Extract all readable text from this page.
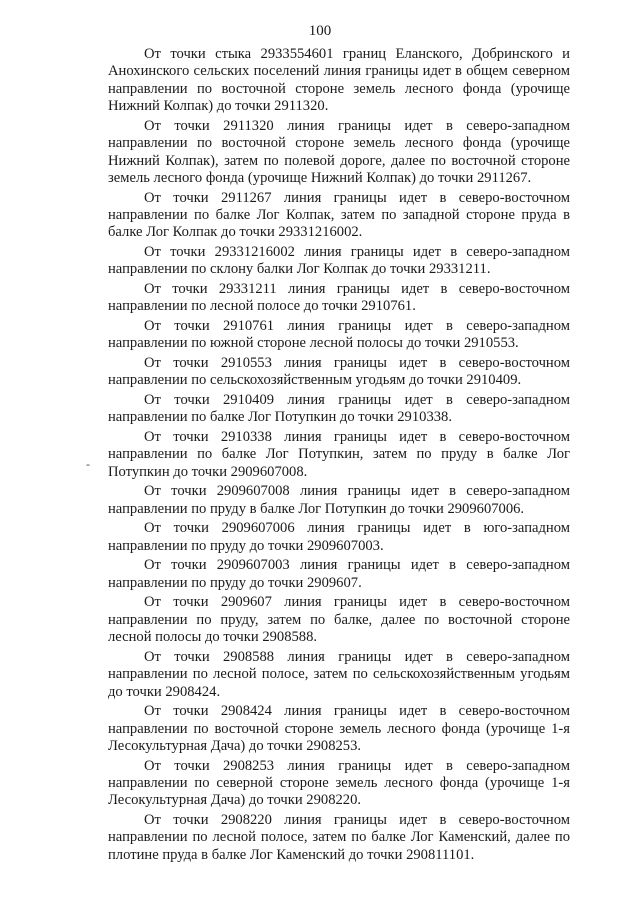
100
-

От точки стыка 2933554601 границ Еланского, Добринского и Анохинского сельских поселений линия границы идет в общем северном направлении по восточной стороне земель лесного фонда (урочище Нижний Колпак) до точки 2911320.

От точки 2911320 линия границы идет в северо-западном направлении по восточной стороне земель лесного фонда (урочище Нижний Колпак), затем по полевой дороге, далее по восточной стороне земель лесного фонда (урочище Нижний Колпак) до точки 2911267.

От точки 2911267 линия границы идет в северо-восточном направлении по балке Лог Колпак, затем по западной стороне пруда в балке Лог Колпак до точки 29331216002.

От точки 29331216002 линия границы идет в северо-западном направлении по склону балки Лог Колпак до точки 29331211.

От точки 29331211 линия границы идет в северо-восточном направлении по лесной полосе до точки 2910761.

От точки 2910761 линия границы идет в северо-западном направлении по южной стороне лесной полосы до точки 2910553.

От точки 2910553 линия границы идет в северо-восточном направлении по сельскохозяйственным угодьям до точки 2910409.

От точки 2910409 линия границы идет в северо-западном направлении по балке Лог Потупкин до точки 2910338.

От точки 2910338 линия границы идет в северо-восточном направлении по балке Лог Потупкин, затем по пруду в балке Лог Потупкин до точки 2909607008.

От точки 2909607008 линия границы идет в северо-западном направлении по пруду в балке Лог Потупкин до точки 2909607006.

От точки 2909607006 линия границы идет в юго-западном направлении по пруду до точки 2909607003.

От точки 2909607003 линия границы идет в северо-западном направлении по пруду до точки 2909607.

От точки 2909607 линия границы идет в северо-восточном направлении по пруду, затем по балке, далее по восточной стороне лесной полосы до точки 2908588.

От точки 2908588 линия границы идет в северо-западном направлении по лесной полосе, затем по сельскохозяйственным угодьям до точки 2908424.

От точки 2908424 линия границы идет в северо-восточном направлении по восточной стороне земель лесного фонда (урочище 1-я Лесокультурная Дача) до точки 2908253.

От точки 2908253 линия границы идет в северо-западном направлении по северной стороне земель лесного фонда (урочище 1-я Лесокультурная Дача) до точки 2908220.

От точки 2908220 линия границы идет в северо-восточном направлении по лесной полосе, затем по балке Лог Каменский, далее по плотине пруда в балке Лог Каменский до точки 290811101.
